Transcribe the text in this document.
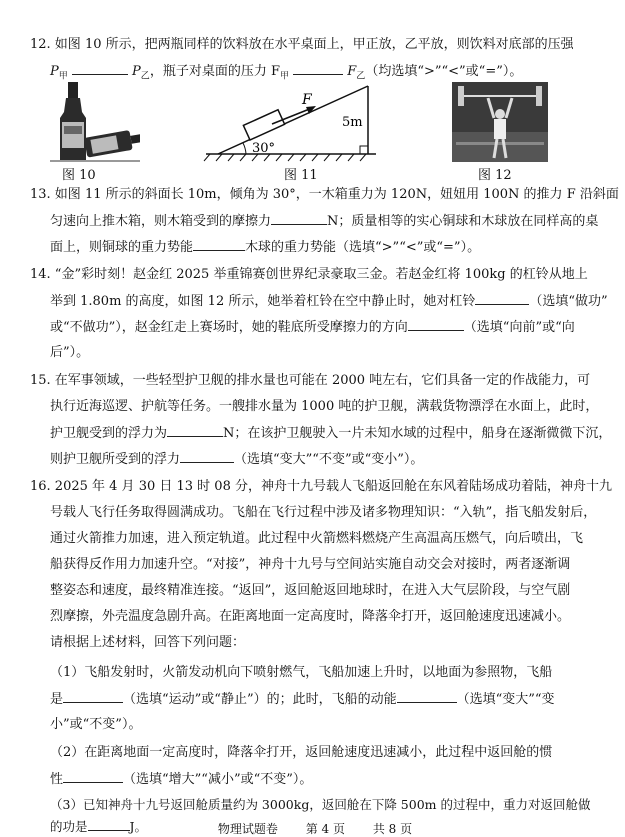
12. 如图 10 所示，把两瓶同样的饮料放在水平桌面上，甲正放，乙平放，则饮料对底部的压强
$P_甲$	$P_乙$，瓶子对桌面的压力 $F_甲$	$F_乙$（均选填“>”“<”或“=”）。
图 10
F
30°
5m
图 11	图 12
13. 如图 11 所示的斜面长 10m，倾角为 30°，一木箱重力为 120N，妞妞用 100N 的推力 F 沿斜面
匀速向上推木箱，则木箱受到的摩擦力	N；质量相等的实心铜球和木球放在同样高的桌
面上，则铜球的重力势能	木球的重力势能（选填“>”“<”或“=”）。
14. “金”彩时刻！赵金红 2025 举重锦赛创世界纪录豪取三金。若赵金红将 100kg 的杠铃从地上
举到 1.80m 的高度，如图 12 所示，她举着杠铃在空中静止时，她对杠铃	（选填“做功”
或“不做功”），赵金红走上赛场时，她的鞋底所受摩擦力的方向	（选填“向前”或“向
后”）。
15. 在军事领域，一些轻型护卫舰的排水量也可能在 2000 吨左右，它们具备一定的作战能力，可
执行近海巡逻、护航等任务。一艘排水量为 1000 吨的护卫舰，满载货物漂浮在水面上，此时，
护卫舰受到的浮力为	N；在该护卫舰驶入一片未知水域的过程中，船身在逐渐微微下沉，
则护卫舰所受到的浮力	（选填“变大”“不变”或“变小”）。
16. 2025 年 4 月 30 日 13 时 08 分，神舟十九号载人飞船返回舱在东风着陆场成功着陆，神舟十九
号载人飞行任务取得圆满成功。飞船在飞行过程中涉及诸多物理知识：“入轨”，指飞船发射后，
通过火箭推力加速，进入预定轨道。此过程中火箭燃料燃烧产生高温高压燃气，向后喷出，飞
船获得反作用力加速升空。“对接”，神舟十九号与空间站实施自动交会对接时，两者逐渐调
整姿态和速度，最终精准连接。“返回”，返回舱返回地球时，在进入大气层阶段，与空气剧
烈摩擦，外壳温度急剧升高。在距离地面一定高度时，降落伞打开，返回舱速度迅速减小。
请根据上述材料，回答下列问题：
（1）飞船发射时，火箭发动机向下喷射燃气，飞船加速上升时，以地面为参照物，飞船
是	（选填“运动”或“静止”）的；此时，飞船的动能	（选填“变大”“变
小”或“不变”）。
（2）在距离地面一定高度时，降落伞打开，返回舱速度迅速减小，此过程中返回舱的惯
性	（选填“增大”“减小”或“不变”）。
（3）已知神舟十九号返回舱质量约为 3000kg，返回舱在下降 500m 的过程中，重力对返回舱做
的功是	J。	物理试题卷 第 4 页 共 8 页
